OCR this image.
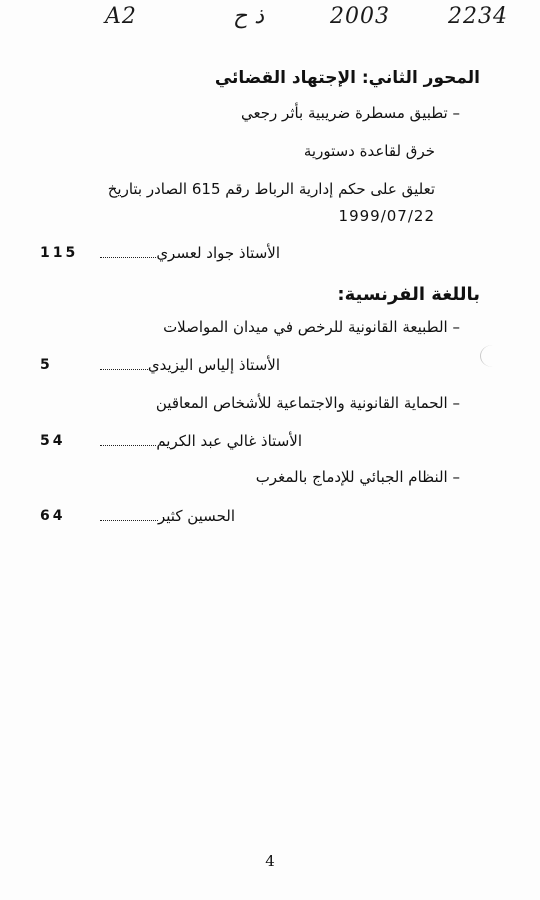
A2	ذ ح	2003	2234
المحور الثاني: الإجتهاد القضائي
– تطبيق مسطرة ضريبية بأثر رجعي
خرق لقاعدة دستورية
تعليق على حكم إدارية الرباط رقم 615 الصادر بتاريخ
1999/07/22
115	الأستاذ جواد لعسري
باللغة الفرنسية:
– الطبيعة القانونية للرخص في ميدان المواصلات
5	الأستاذ إلياس اليزيدي
– الحماية القانونية والاجتماعية للأشخاص المعاقين
54	الأستاذ غالي عبد الكريم
– النظام الجبائي للإدماج بالمغرب
64	الحسين كثير
4
